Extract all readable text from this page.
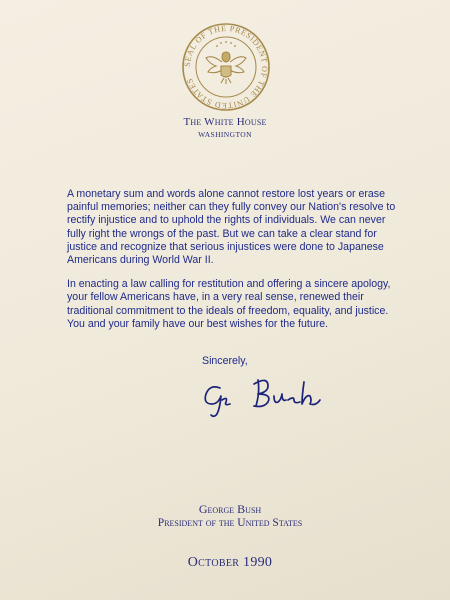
SEAL OF THE PRESIDENT OF THE UNITED STATES
The White House
WASHINGTON

A monetary sum and words alone cannot restore lost years or erase painful memories; neither can they fully convey our Nation's resolve to rectify injustice and to uphold the rights of individuals. We can never fully right the wrongs of the past. But we can take a clear stand for justice and recognize that serious injustices were done to Japanese Americans during World War II.

In enacting a law calling for restitution and offering a sincere apology, your fellow Americans have, in a very real sense, renewed their traditional commitment to the ideals of freedom, equality, and justice. You and your family have our best wishes for the future.

Sincerely,
George Bush
President of the United States
October 1990
